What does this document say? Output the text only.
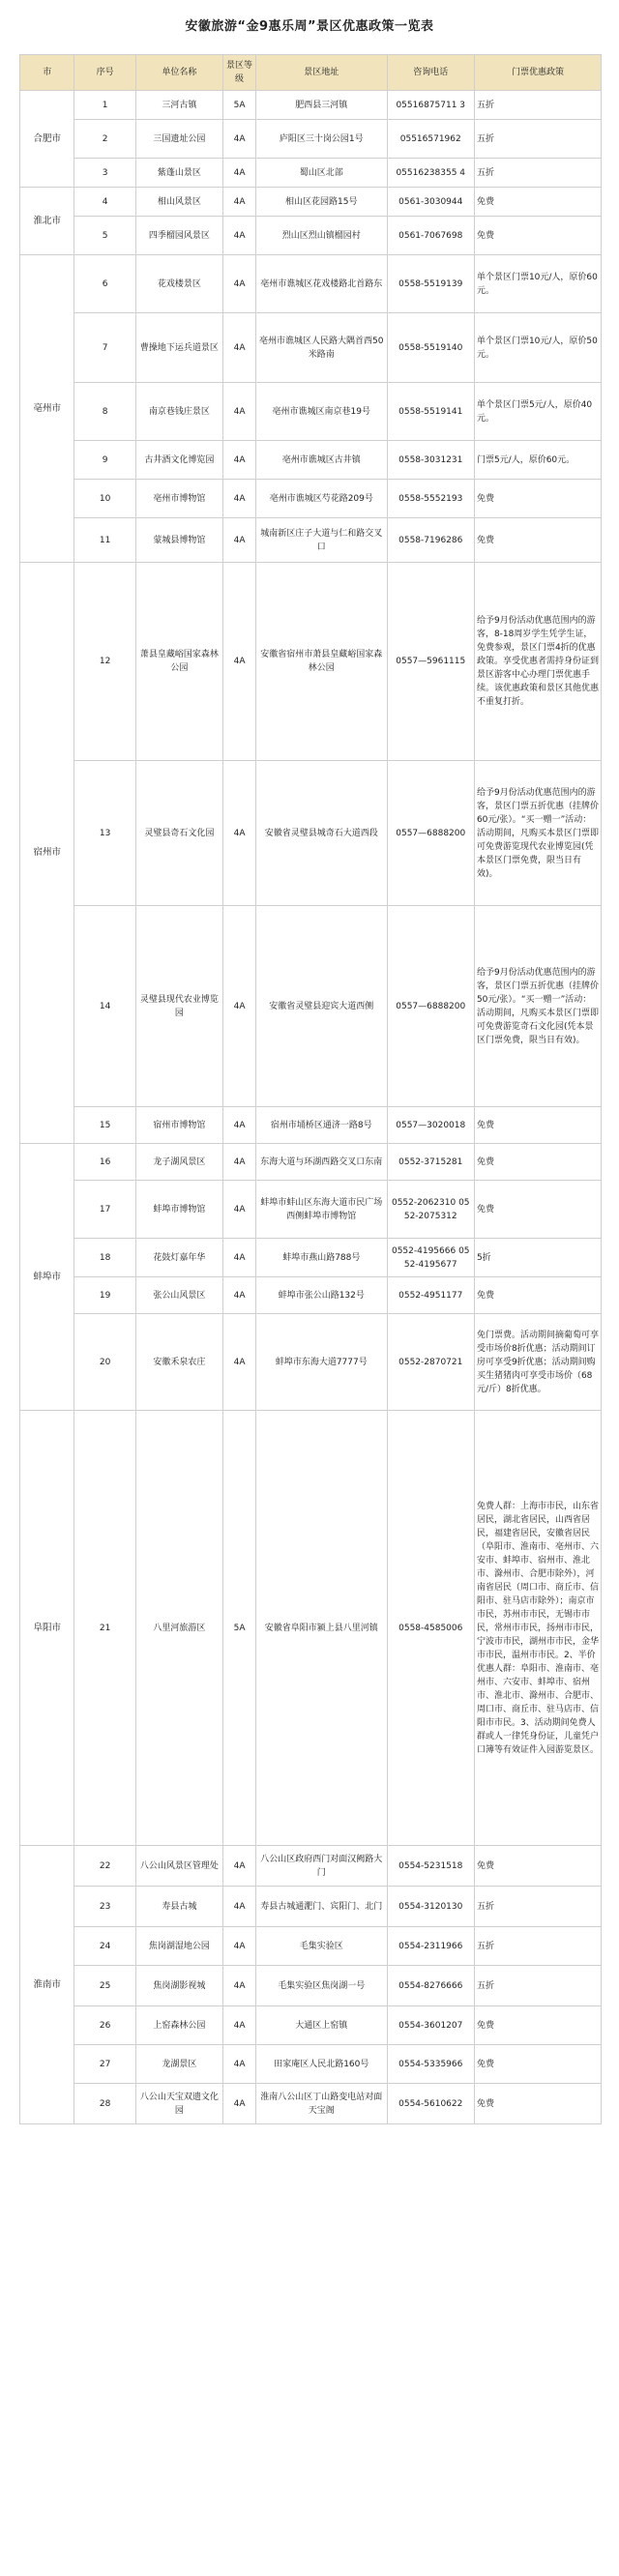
安徽旅游“金9惠乐周”景区优惠政策一览表
市	序号	单位名称	景区等级	景区地址	咨询电话	门票优惠政策
合肥市	1	三河古镇	5A	肥西县三河镇	05516875711 3	五折
	2	三国遗址公园	4A	庐阳区三十岗公园1号	05516571962	五折
	3	紫蓬山景区	4A	蜀山区北部	05516238355 4	五折
淮北市	4	相山风景区	4A	相山区花园路15号	0561-3030944	免费
	5	四季榴园风景区	4A	烈山区烈山镇榴园村	0561-7067698	免费
亳州市	6	花戏楼景区	4A	亳州市谯城区花戏楼路北首路东	0558-5519139	单个景区门票10元/人，原价60元。
	7	曹操地下运兵道景区	4A	亳州市谯城区人民路大隅首西50米路南	0558-5519140	单个景区门票10元/人，原价50元。
	8	南京巷钱庄景区	4A	亳州市谯城区南京巷19号	0558-5519141	单个景区门票5元/人，原价40元。
	9	古井酒文化博览园	4A	亳州市谯城区古井镇	0558-3031231	门票5元/人，原价60元。
	10	亳州市博物馆	4A	亳州市谯城区芍花路209号	0558-5552193	免费
	11	蒙城县博物馆	4A	城南新区庄子大道与仁和路交叉口	0558-7196286	免费
宿州市	12	萧县皇藏峪国家森林公园	4A	安徽省宿州市萧县皇藏峪国家森林公园	0557—5961115	给予9月份活动优惠范围内的游客，8-18周岁学生凭学生证，免费参观，景区门票4折的优惠政策。享受优惠者需持身份证到景区游客中心办理门票优惠手续。该优惠政策和景区其他优惠不重复打折。
	13	灵璧县奇石文化园	4A	安徽省灵璧县城奇石大道西段	0557—6888200	给予9月份活动优惠范围内的游客，景区门票五折优惠（挂牌价60元/张）。“买一赠一”活动：活动期间，凡购买本景区门票即可免费游览现代农业博览园(凭本景区门票免费，限当日有效)。
	14	灵璧县现代农业博览园	4A	安徽省灵璧县迎宾大道西侧	0557—6888200	给予9月份活动优惠范围内的游客，景区门票五折优惠（挂牌价50元/张）。“买一赠一”活动：活动期间，凡购买本景区门票即可免费游览奇石文化园(凭本景区门票免费，限当日有效)。
	15	宿州市博物馆	4A	宿州市埇桥区通济一路8号	0557—3020018	免费
蚌埠市	16	龙子湖风景区	4A	东海大道与环湖西路交叉口东南	0552-3715281	免费
	17	蚌埠市博物馆	4A	蚌埠市蚌山区东海大道市民广场西侧蚌埠市博物馆	0552-2062310 0552-2075312	免费
	18	花鼓灯嘉年华	4A	蚌埠市燕山路788号	0552-4195666 0552-4195677	5折
	19	张公山风景区	4A	蚌埠市张公山路132号	0552-4951177	免费
	20	安徽禾泉农庄	4A	蚌埠市东海大道7777号	0552-2870721	免门票费。活动期间摘葡萄可享受市场价8折优惠；活动期间订房可享受9折优惠；活动期间购买生猪猪肉可享受市场价（68元/斤）8折优惠。
阜阳市	21	八里河旅游区	5A	安徽省阜阳市颍上县八里河镇	0558-4585006	免费人群：上海市市民，山东省居民，湖北省居民，山西省居民，福建省居民，安徽省居民（阜阳市、淮南市、亳州市、六安市、蚌埠市、宿州市、淮北市、滁州市、合肥市除外），河南省居民（周口市、商丘市、信阳市、驻马店市除外）；南京市市民，苏州市市民，无锡市市民，常州市市民，扬州市市民，宁波市市民，湖州市市民，金华市市民，温州市市民。2、半价优惠人群：阜阳市、淮南市、亳州市、六安市、蚌埠市、宿州市、淮北市、滁州市、合肥市、周口市、商丘市、驻马店市、信阳市市民。3、活动期间免费人群或人一律凭身份证，儿童凭户口簿等有效证件入园游览景区。
淮南市	22	八公山风景区管理处	4A	八公山区政府西门对面汉阙路大门	0554-5231518	免费
	23	寿县古城	4A	寿县古城通淝门、宾阳门、北门	0554-3120130	五折
	24	焦岗湖湿地公园	4A	毛集实验区	0554-2311966	五折
	25	焦岗湖影视城	4A	毛集实验区焦岗湖一号	0554-8276666	五折
	26	上窑森林公园	4A	大通区上窑镇	0554-3601207	免费
	27	龙湖景区	4A	田家庵区人民北路160号	0554-5335966	免费
	28	八公山天宝双遗文化园	4A	淮南八公山区丁山路变电站对面天宝阁	0554-5610622	免费
